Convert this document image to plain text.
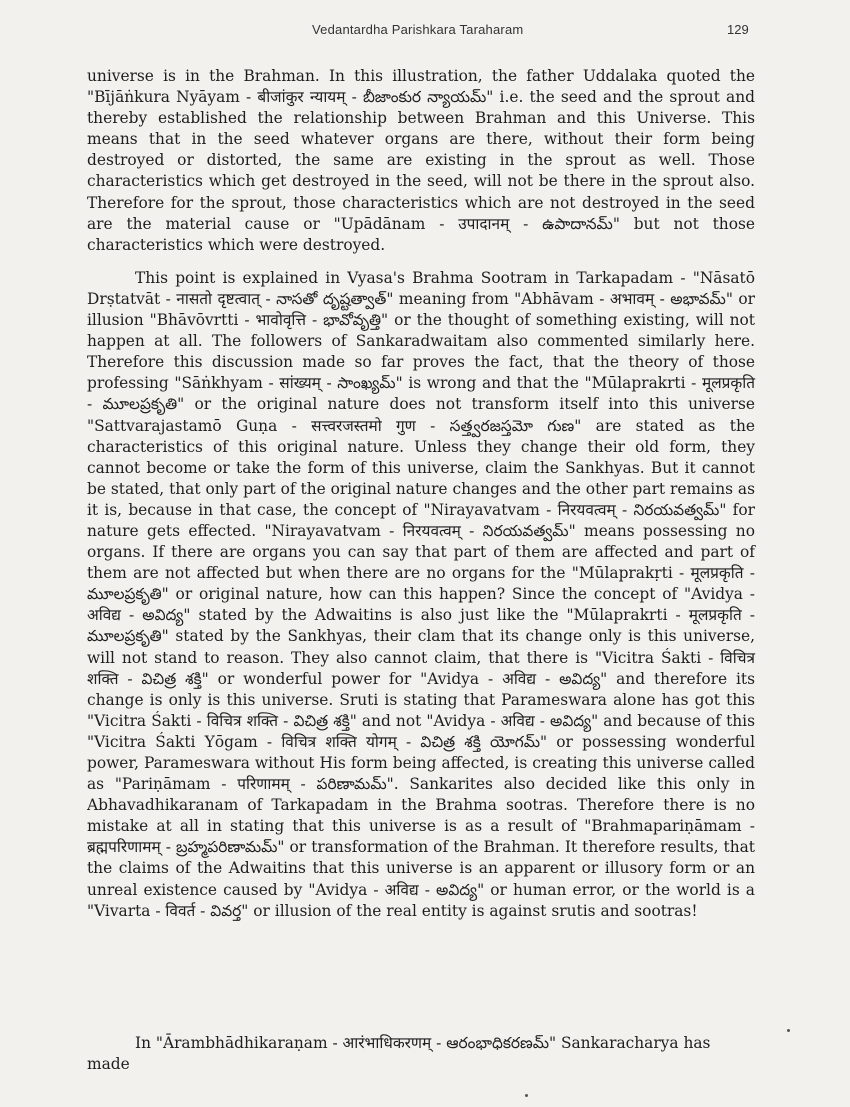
Vedantardha Parishkara Taraharam	129

universe is in the Brahman. In this illustration, the father Uddalaka quoted the "Bījāṅkura Nyāyam - बीजांकुर न्यायम् - బీజాంకుర న్యాయమ్" i.e. the seed and the sprout and thereby established the relationship between Brahman and this Universe. This means that in the seed whatever organs are there, without their form being destroyed or distorted, the same are existing in the sprout as well. Those characteristics which get destroyed in the seed, will not be there in the sprout also. Therefore for the sprout, those characteristics which are not destroyed in the seed are the material cause or "Upādānam - उपादानम् - ఉపాదానమ్" but not those characteristics which were destroyed.

This point is explained in Vyasa's Brahma Sootram in Tarkapadam - "Nāsatō Drṣtatvāt - नासतो दृष्टत्वात् - నాసతో దృష్టత్వాత్" meaning from "Abhāvam - अभावम् - అభావమ్" or illusion "Bhāvōvrtti - भावोवृत्ति - భావోవృత్తి" or the thought of something existing, will not happen at all. The followers of Sankaradwaitam also commented similarly here. Therefore this discussion made so far proves the fact, that the theory of those professing "Sāṅkhyam - सांख्यम् - సాంఖ్యమ్" is wrong and that the "Mūlaprakrti - मूलप्रकृति - మూలప్రకృతి" or the original nature does not transform itself into this universe "Sattvarajastamō Guṇa - सत्त्वरजस्तमो गुण - సత్త్వరజస్తమో గుణ" are stated as the characteristics of this original nature. Unless they change their old form, they cannot become or take the form of this universe, claim the Sankhyas. But it cannot be stated, that only part of the original nature changes and the other part remains as it is, because in that case, the concept of "Nirayavatvam - निरयवत्वम् - నిరయవత్వమ్" for nature gets effected. "Nirayavatvam - निरयवत्वम् - నిరయవత్వమ్" means possessing no organs. If there are organs you can say that part of them are affected and part of them are not affected but when there are no organs for the "Mūlaprakṛti - मूलप्रकृति - మూలప్రకృతి" or original nature, how can this happen? Since the concept of "Avidya - अविद्य - అవిద్య" stated by the Adwaitins is also just like the "Mūlaprakrti - मूलप्रकृति - మూలప్రకృతి" stated by the Sankhyas, their clam that its change only is this universe, will not stand to reason. They also cannot claim, that there is "Vicitra Śakti - विचित्र शक्ति - విచిత్ర శక్తి" or wonderful power for "Avidya - अविद्य - అవిద్య" and therefore its change is only is this universe. Sruti is stating that Parameswara alone has got this "Vicitra Śakti - विचित्र शक्ति - విచిత్ర శక్తి" and not "Avidya - अविद्य - అవిద్య" and because of this "Vicitra Śakti Yōgam - विचित्र शक्ति योगम् - విచిత్ర శక్తి యోగమ్" or possessing wonderful power, Parameswara without His form being affected, is creating this universe called as "Pariṇāmam - परिणामम् - పరిణామమ్". Sankarites also decided like this only in Abhavadhikaranam of Tarkapadam in the Brahma sootras. Therefore there is no mistake at all in stating that this universe is as a result of "Brahmapariṇāmam - ब्रह्मपरिणामम् - బ్రహ్మపరిణామమ్" or transformation of the Brahman. It therefore results, that the claims of the Adwaitins that this universe is an apparent or illusory form or an unreal existence caused by "Avidya - अविद्य - అవిద్య" or human error, or the world is a "Vivarta - विवर्त - వివర్త" or illusion of the real entity is against srutis and sootras!

In "Ārambhādhikaraṇam - आरंभाधिकरणम् - ఆరంభాధికరణమ్" Sankaracharya has made
